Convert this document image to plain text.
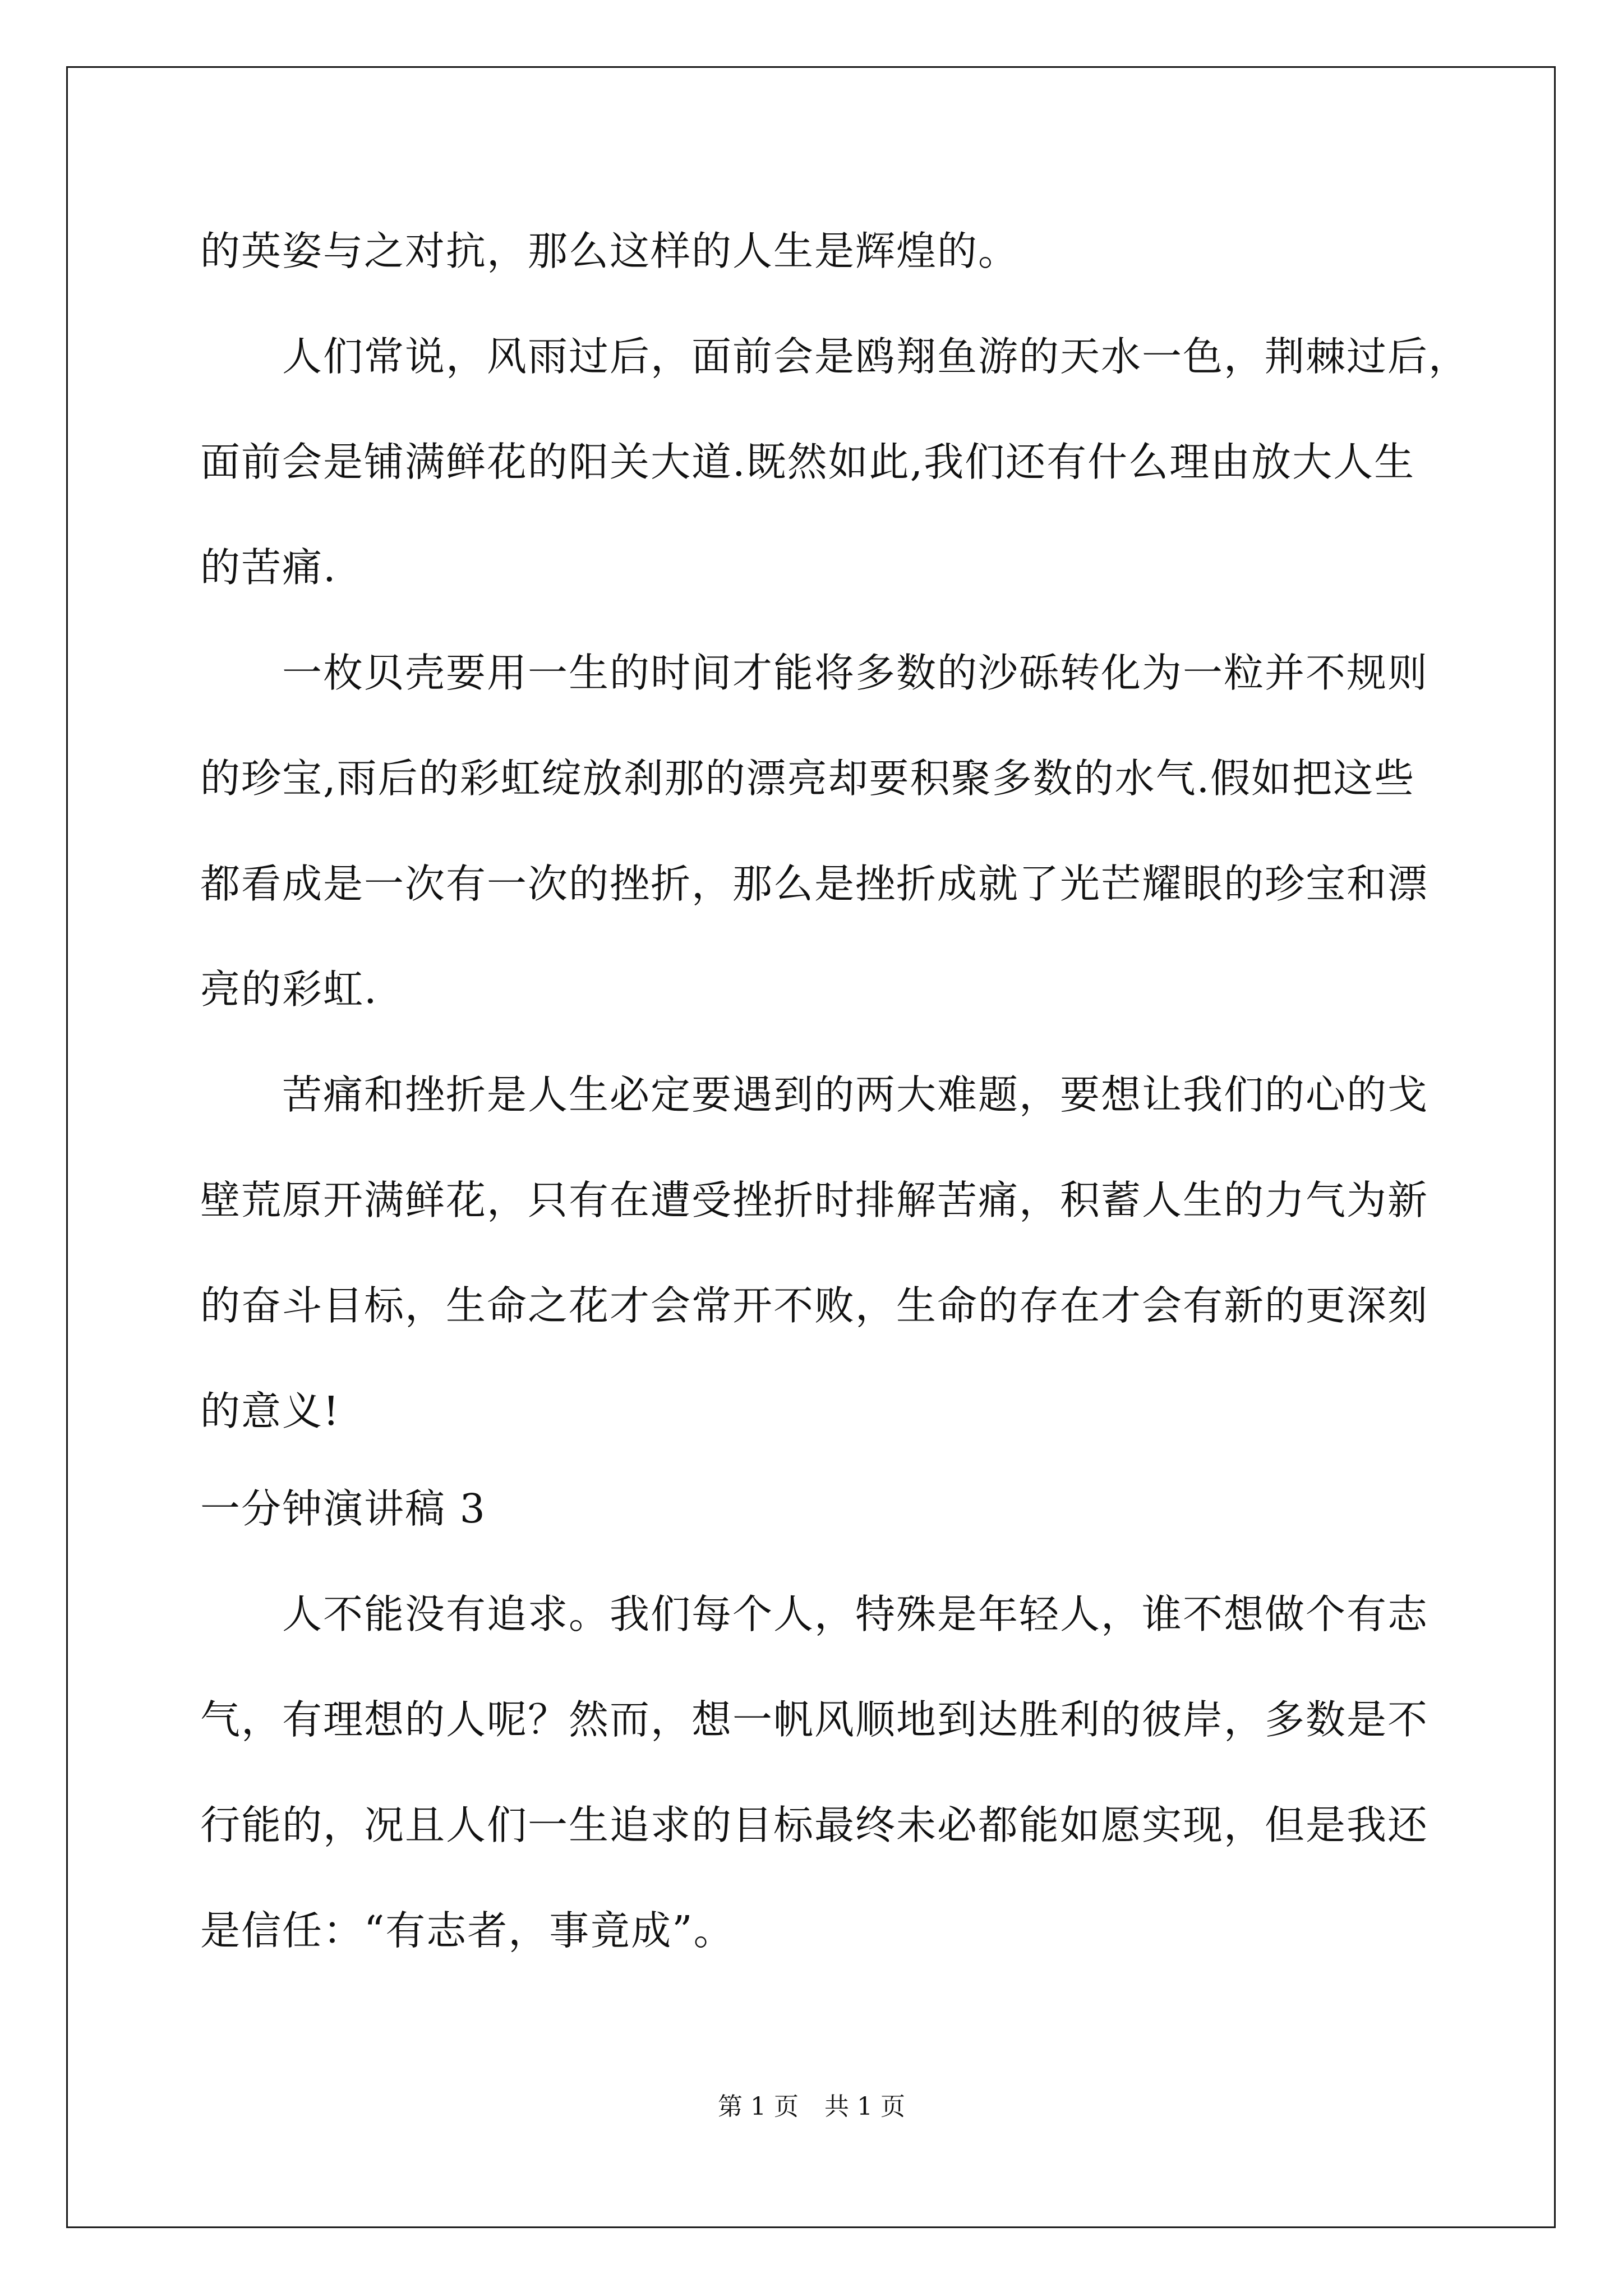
的英姿与之对抗，那么这样的人生是辉煌的。
人们常说，风雨过后，面前会是鸥翔鱼游的天水一色，荆棘过后，
面前会是铺满鲜花的阳关大道.既然如此,我们还有什么理由放大人生
的苦痛.
一枚贝壳要用一生的时间才能将多数的沙砾转化为一粒并不规则
的珍宝,雨后的彩虹绽放刹那的漂亮却要积聚多数的水气.假如把这些
都看成是一次有一次的挫折，那么是挫折成就了光芒耀眼的珍宝和漂
亮的彩虹.
苦痛和挫折是人生必定要遇到的两大难题，要想让我们的心的戈
壁荒原开满鲜花，只有在遭受挫折时排解苦痛，积蓄人生的力气为新
的奋斗目标，生命之花才会常开不败，生命的存在才会有新的更深刻
的意义!
一分钟演讲稿 3
人不能没有追求。我们每个人，特殊是年轻人，谁不想做个有志
气，有理想的人呢？然而，想一帆风顺地到达胜利的彼岸，多数是不
行能的，况且人们一生追求的目标最终未必都能如愿实现，但是我还
是信任：“有志者，事竟成”。
第 1 页 共 1 页
